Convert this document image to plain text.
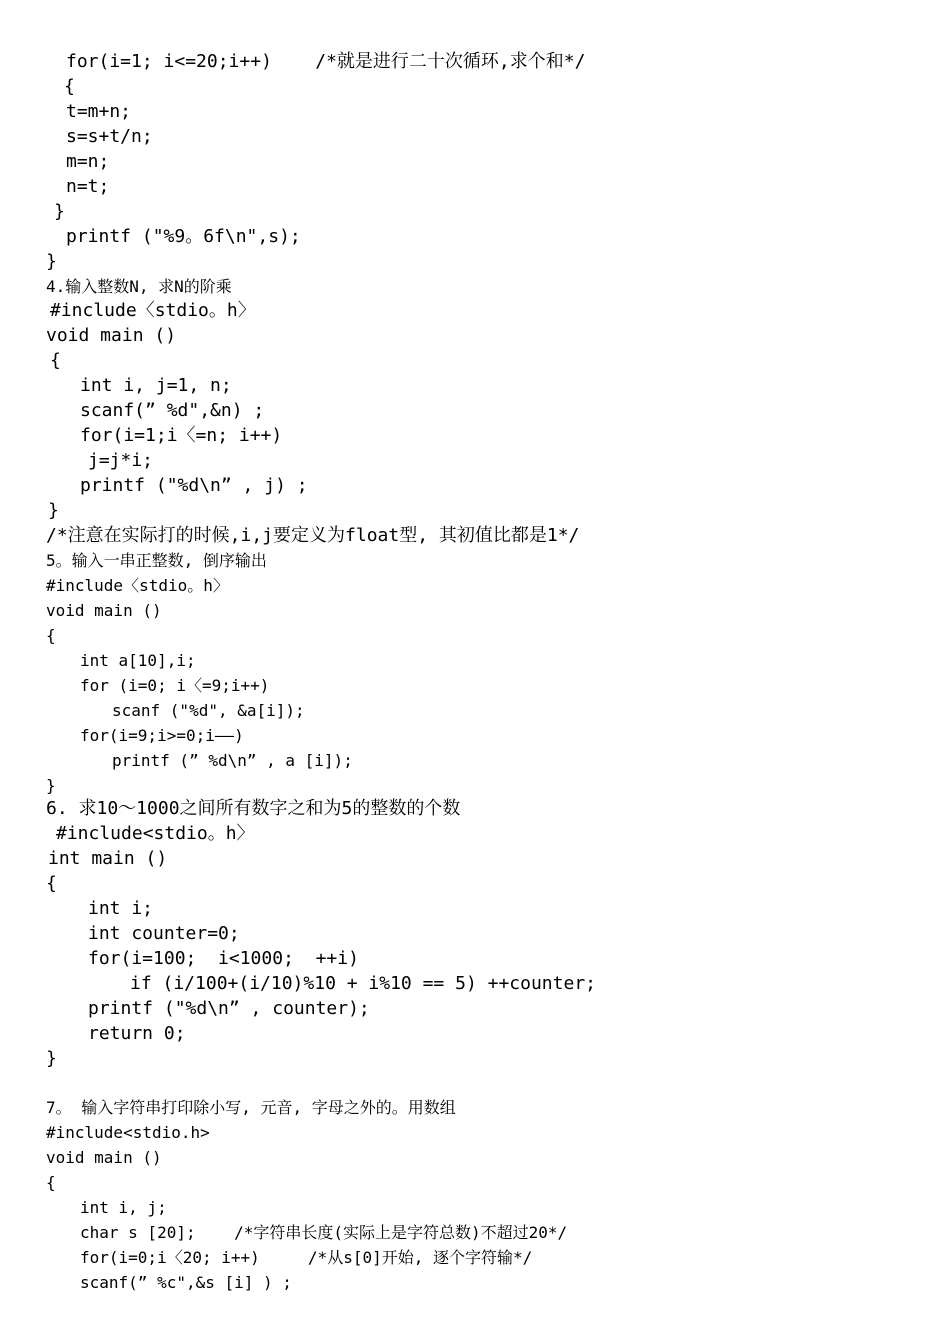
for(i=1; i<=20;i++)    /*就是进行二十次循环,求个和*/
{
t=m+n;
s=s+t/n;
m=n;
n=t;
}
printf ("%9。6f\n",s);
}
4.输入整数N, 求N的阶乘
#include〈stdio。h〉
void main ()
{
int i, j=1, n;
scanf(” %d",&n) ;
for(i=1;i〈=n; i++)
j=j*i;
printf ("%d\n” , j) ;
}
/*注意在实际打的时候,i,j要定义为float型, 其初值比都是1*/
5。输入一串正整数, 倒序输出
#include〈stdio。h〉
void main ()
{
int a[10],i;
for (i=0; i〈=9;i++)
scanf ("%d", &a[i]);
for(i=9;i>=0;i——)
printf (” %d\n” , a [i]);
}
6. 求10～1000之间所有数字之和为5的整数的个数
#include<stdio。h〉
int main ()
{
int i;
int counter=0;
for(i=100;  i<1000;  ++i)
if (i/100+(i/10)%10 + i%10 == 5) ++counter;
printf ("%d\n” , counter);
return 0;
}
7。 输入字符串打印除小写, 元音, 字母之外的。用数组
#include<stdio.h>
void main ()
{
int i, j;
char s [20];    /*字符串长度(实际上是字符总数)不超过20*/
for(i=0;i〈20; i++)     /*从s[0]开始, 逐个字符输*/
scanf(” %c",&s [i] ) ;
